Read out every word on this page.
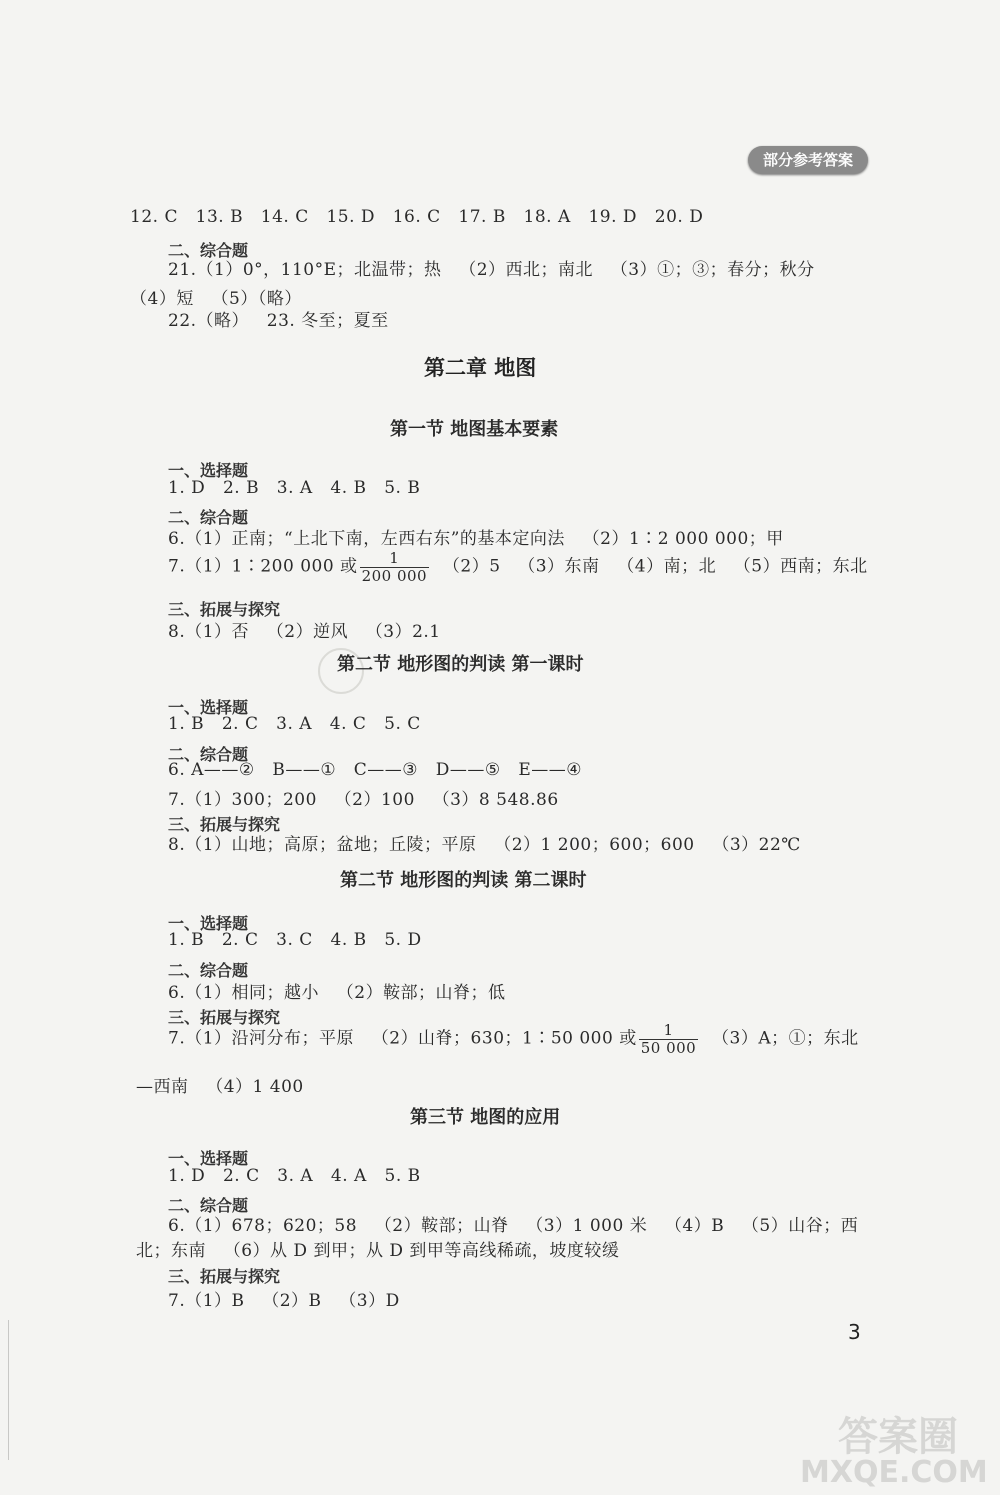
部分参考答案
12. C   13. B   14. C   15. D   16. C   17. B   18. A   19. D   20. D
二、综合题
21.（1）0°，110°E；北温带；热   （2）西北；南北   （3）①；③；春分；秋分
（4）短   （5）（略）
22.（略）   23. 冬至；夏至
第二章 地图
第一节 地图基本要素
一、选择题
1. D   2. B   3. A   4. B   5. B
二、综合题
6.（1）正南；“上北下南，左西右东”的基本定向法   （2）1∶2 000 000；甲
7.（1）1∶200 000 或 $\frac{1}{200 000} (2)5$   （3）东南   （4）南；北   （5）西南；东北
三、拓展与探究
8.（1）否   （2）逆风   （3）2.1
第二节 地形图的判读 第一课时
一、选择题
1. B   2. C   3. A   4. C   5. C
二、综合题
6. A——②   B——①   C——③   D——⑤   E——④
7.（1）300；200   （2）100   （3）8 548.86
三、拓展与探究
8.（1）山地；高原；盆地；丘陵；平原   （2）1 200；600；600   （3）22℃
第二节 地形图的判读 第二课时
一、选择题
1. B   2. C   3. C   4. B   5. D
二、综合题
6.（1）相同；越小   （2）鞍部；山脊；低
三、拓展与探究
7.（1）沿河分布；平原   （2）山脊；630；1∶50 000 或 $\frac{1}{50 000} (3)A$；①；东北
—西南   （4）1 400
第三节 地图的应用
一、选择题
1. D   2. C   3. A   4. A   5. B
二、综合题
6.（1）678；620；58   （2）鞍部；山脊   （3）1 000 米   （4）B   （5）山谷；西
北；东南   （6）从 D 到甲；从 D 到甲等高线稀疏，坡度较缓
三、拓展与探究
7.（1）B   （2）B   （3）D
3
答案圈
MXQE.COM
